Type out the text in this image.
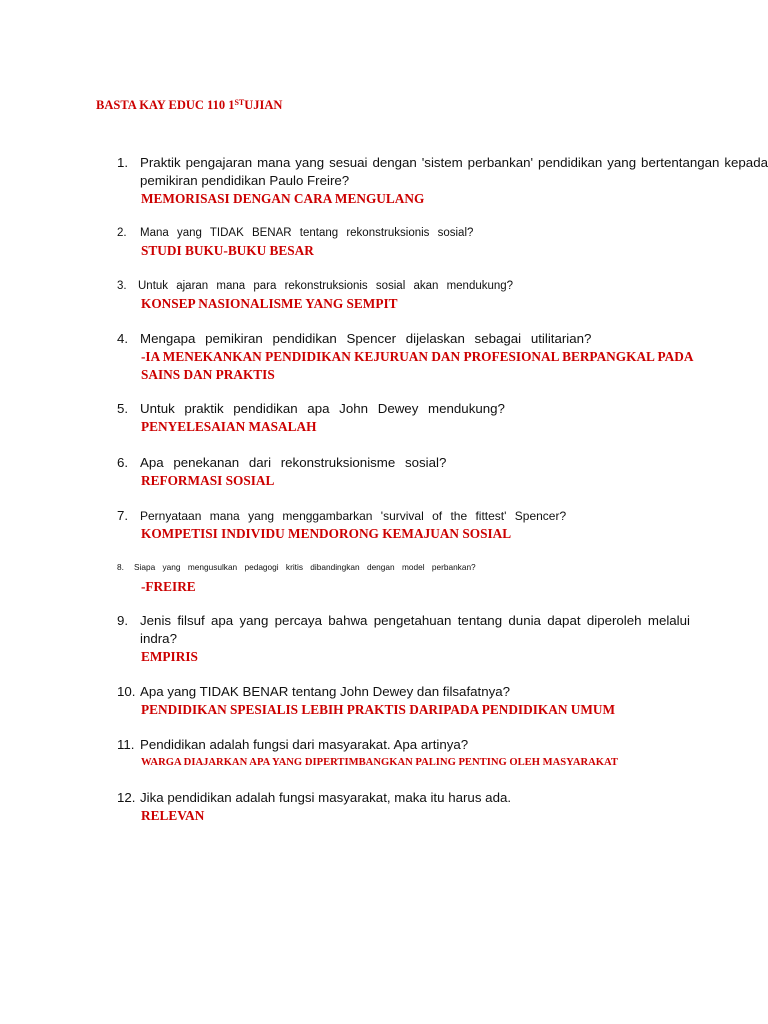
BASTA KAY EDUC 110 1STUJIAN
1. Praktik pengajaran mana yang sesuai dengan 'sistem perbankan' pendidikan yang bertentangan kepada pemikiran pendidikan Paulo Freire?
MEMORISASI DENGAN CARA MENGULANG
2. Mana yang TIDAK BENAR tentang rekonstruksionis sosial?
STUDI BUKU-BUKU BESAR
3. Untuk ajaran mana para rekonstruksionis sosial akan mendukung?
KONSEP NASIONALISME YANG SEMPIT
4. Mengapa pemikiran pendidikan Spencer dijelaskan sebagai utilitarian?
-IA MENEKANKAN PENDIDIKAN KEJURUAN DAN PROFESIONAL BERPANGKAL PADA SAINS DAN PRAKTIS
5. Untuk praktik pendidikan apa John Dewey mendukung?
PENYELESAIAN MASALAH
6. Apa penekanan dari rekonstruksionisme sosial?
REFORMASI SOSIAL
7. Pernyataan mana yang menggambarkan 'survival of the fittest' Spencer?
KOMPETISI INDIVIDU MENDORONG KEMAJUAN SOSIAL
8. Siapa yang mengusulkan pedagogi kritis dibandingkan dengan model perbankan?
-FREIRE
9. Jenis filsuf apa yang percaya bahwa pengetahuan tentang dunia dapat diperoleh melalui indra?
EMPIRIS
10. Apa yang TIDAK BENAR tentang John Dewey dan filsafatnya?
PENDIDIKAN SPESIALIS LEBIH PRAKTIS DARIPADA PENDIDIKAN UMUM
11. Pendidikan adalah fungsi dari masyarakat. Apa artinya?
WARGA DIAJARKAN APA YANG DIPERTIMBANGKAN PALING PENTING OLEH MASYARAKAT
12. Jika pendidikan adalah fungsi masyarakat, maka itu harus ada.
RELEVAN
